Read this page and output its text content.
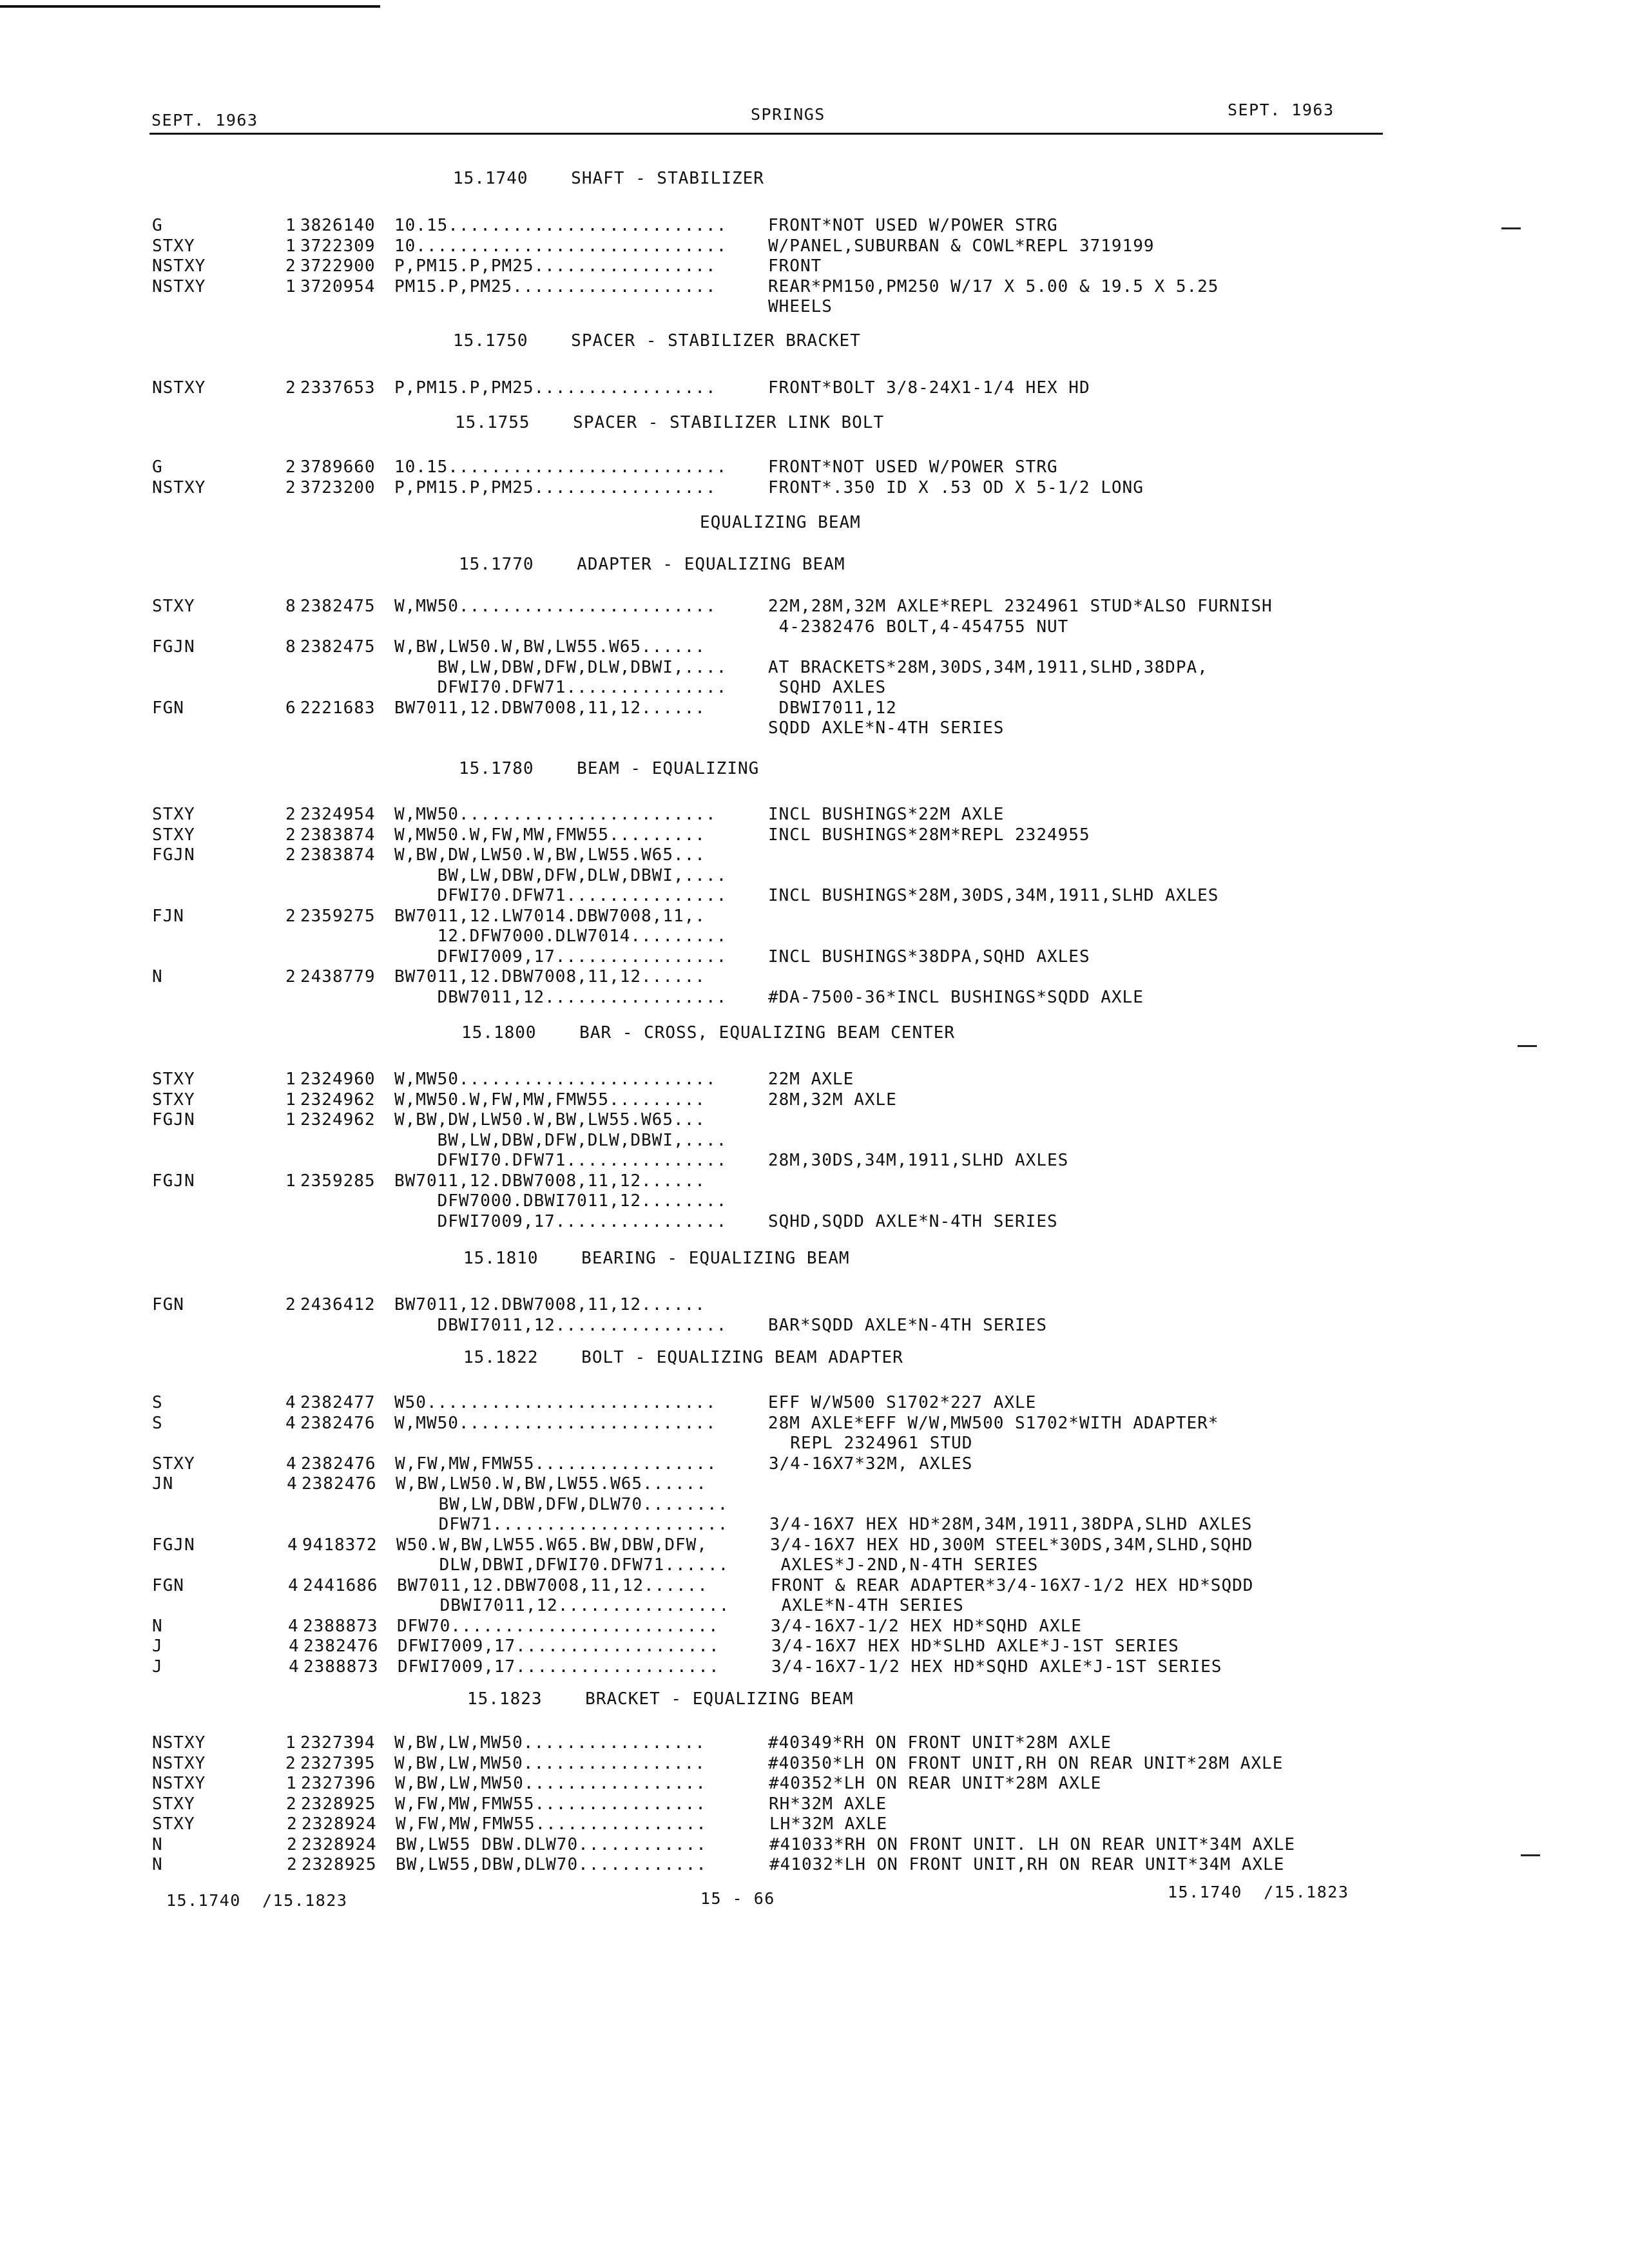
SEPT. 1963	SPRINGS	SEPT. 1963
15.1740    SHAFT - STABILIZER
15.1750    SPACER - STABILIZER BRACKET
15.1755    SPACER - STABILIZER LINK BOLT
EQUALIZING BEAM
15.1770    ADAPTER - EQUALIZING BEAM
15.1780    BEAM - EQUALIZING
15.1800    BAR - CROSS, EQUALIZING BEAM CENTER
15.1810    BEARING - EQUALIZING BEAM
15.1822    BOLT - EQUALIZING BEAM ADAPTER
15.1823    BRACKET - EQUALIZING BEAM
G	1 3826140 10.15.......................... FRONT*NOT USED W/POWER STRG
STXY	1 3722309 10............................. W/PANEL,SUBURBAN & COWL*REPL 3719199
NSTXY	2 3722900 P,PM15.P,PM25.................	FRONT
NSTXY	1 3720954 PM15.P,PM25...................	REAR*PM150,PM250 W/17 X 5.00 & 19.5 X 5.25
WHEELS
NSTXY	2 2337653 P,PM15.P,PM25.................	FRONT*BOLT 3/8-24X1-1/4 HEX HD
G	2 3789660 10.15.......................... FRONT*NOT USED W/POWER STRG
NSTXY	2 3723200 P,PM15.P,PM25.................	FRONT*.350 ID X .53 OD X 5-1/2 LONG
STXY	8 2382475 W,MW50........................	22M,28M,32M AXLE*REPL 2324961 STUD*ALSO FURNISH
4-2382476 BOLT,4-454755 NUT
FGJN	8 2382475 W,BW,LW50.W,BW,LW55.W65......
BW,LW,DBW,DFW,DLW,DBWI,.... AT BRACKETS*28M,30DS,34M,1911,SLHD,38DPA,
DFWI70.DFW71............... SQHD AXLES
FGN	6 2221683 BW7011,12.DBW7008,11,12......	DBWI7011,12
SQDD AXLE*N-4TH SERIES
STXY	2 2324954 W,MW50........................	INCL BUSHINGS*22M AXLE
STXY	2 2383874 W,MW50.W,FW,MW,FMW55.........	INCL BUSHINGS*28M*REPL 2324955
FGJN	2 2383874 W,BW,DW,LW50.W,BW,LW55.W65...
BW,LW,DBW,DFW,DLW,DBWI,....
DFWI70.DFW71............... INCL BUSHINGS*28M,30DS,34M,1911,SLHD AXLES
FJN	2 2359275 BW7011,12.LW7014.DBW7008,11,.
12.DFW7000.DLW7014.........
DFWI7009,17................ INCL BUSHINGS*38DPA,SQHD AXLES
N	2 2438779 BW7011,12.DBW7008,11,12......
DBW7011,12................. #DA-7500-36*INCL BUSHINGS*SQDD AXLE
STXY	1 2324960 W,MW50........................	22M AXLE
STXY	1 2324962 W,MW50.W,FW,MW,FMW55.........	28M,32M AXLE
FGJN	1 2324962 W,BW,DW,LW50.W,BW,LW55.W65...
BW,LW,DBW,DFW,DLW,DBWI,....
DFWI70.DFW71............... 28M,30DS,34M,1911,SLHD AXLES
FGJN	1 2359285 BW7011,12.DBW7008,11,12......
DFW7000.DBWI7011,12........
DFWI7009,17................ SQHD,SQDD AXLE*N-4TH SERIES
FGN	2 2436412 BW7011,12.DBW7008,11,12......
DBWI7011,12................ BAR*SQDD AXLE*N-4TH SERIES
S	4 2382477 W50...........................	EFF W/W500 S1702*227 AXLE
S	4 2382476 W,MW50........................	28M AXLE*EFF W/W,MW500 S1702*WITH ADAPTER*
REPL 2324961 STUD
STXY	4 2382476 W,FW,MW,FMW55.................	3/4-16X7*32M, AXLES
JN	4 2382476 W,BW,LW50.W,BW,LW55.W65......
BW,LW,DBW,DFW,DLW70........
DFW71...................... 3/4-16X7 HEX HD*28M,34M,1911,38DPA,SLHD AXLES
FGJN	4 9418372 W50.W,BW,LW55.W65.BW,DBW,DFW,	3/4-16X7 HEX HD,300M STEEL*30DS,34M,SLHD,SQHD
DLW,DBWI,DFWI70.DFW71...... AXLES*J-2ND,N-4TH SERIES
FGN	4 2441686 BW7011,12.DBW7008,11,12......	FRONT & REAR ADAPTER*3/4-16X7-1/2 HEX HD*SQDD
DBWI7011,12................ AXLE*N-4TH SERIES
N	4 2388873 DFW70.........................	3/4-16X7-1/2 HEX HD*SQHD AXLE
J	4 2382476 DFWI7009,17...................	3/4-16X7 HEX HD*SLHD AXLE*J-1ST SERIES
J	4 2388873 DFWI7009,17...................	3/4-16X7-1/2 HEX HD*SQHD AXLE*J-1ST SERIES
NSTXY	1 2327394 W,BW,LW,MW50.................	#40349*RH ON FRONT UNIT*28M AXLE
NSTXY	2 2327395 W,BW,LW,MW50.................	#40350*LH ON FRONT UNIT,RH ON REAR UNIT*28M AXLE
NSTXY	1 2327396 W,BW,LW,MW50.................	#40352*LH ON REAR UNIT*28M AXLE
STXY	2 2328925 W,FW,MW,FMW55................	RH*32M AXLE
STXY	2 2328924 W,FW,MW,FMW55................	LH*32M AXLE
N	2 2328924 BW,LW55 DBW.DLW70............	#41033*RH ON FRONT UNIT. LH ON REAR UNIT*34M AXLE
N	2 2328925 BW,LW55,DBW,DLW70............	#41032*LH ON FRONT UNIT,RH ON REAR UNIT*34M AXLE
15.1740  /15.1823	15 - 66	15.1740  /15.1823
